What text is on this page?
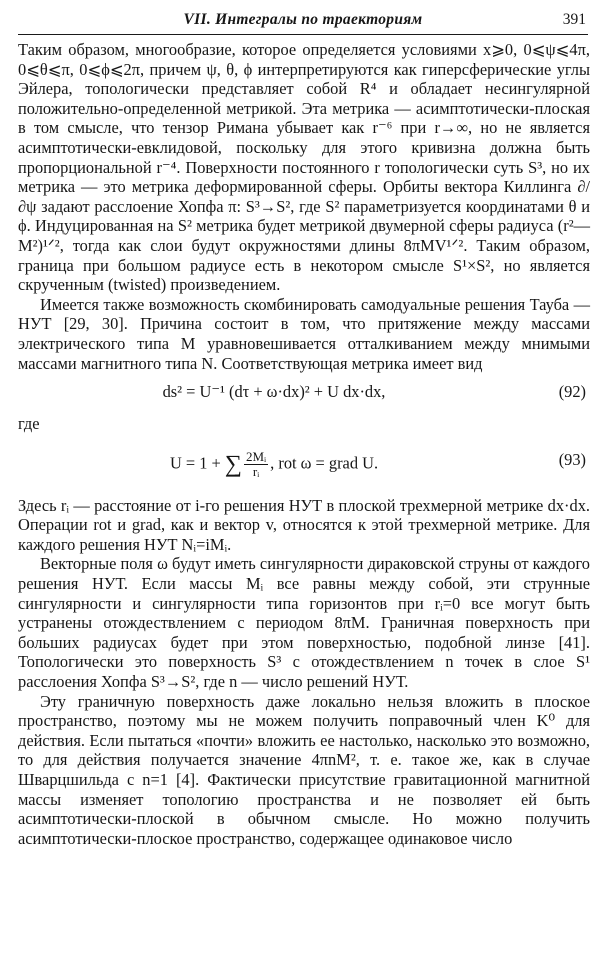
VII. Интегралы по траекториям	391

Таким образом, многообразие, которое определяется условиями x⩾0, 0⩽ψ⩽4π, 0⩽θ⩽π, 0⩽ϕ⩽2π, причем ψ, θ, ϕ интерпретируются как гиперсферические углы Эйлера, топологически представляет собой R⁴ и обладает несингулярной положительно-определенной метрикой. Эта метрика — асимптотически-плоская в том смысле, что тензор Римана убывает как r⁻⁶ при r→∞, но не является асимптотически-евклидовой, поскольку для этого кривизна должна быть пропорциональной r⁻⁴. Поверхности постоянного r топологически суть S³, но их метрика — это метрика деформированной сферы. Орбиты вектора Киллинга ∂/∂ψ задают расслоение Хопфа π: S³→S², где S² параметризуется координатами θ и ϕ. Индуцированная на S² метрика будет метрикой двумерной сферы радиуса (r²—M²)¹ᐟ², тогда как слои будут окружностями длины 8πMV¹ᐟ². Таким образом, граница при большом радиусе есть в некотором смысле S¹×S², но является скрученным (twisted) произведением.

Имеется также возможность скомбинировать самодуальные решения Тауба — НУТ [29, 30]. Причина состоит в том, что притяжение между массами электрического типа M уравновешивается отталкиванием между мнимыми массами магнитного типа N. Соответствующая метрика имеет вид

ds² = U⁻¹ (dτ + ω·dx)² + U dx·dx,	(92)

где

U = 1 + ∑ $\frac{\text{2Mᵢ}}{\text{rᵢ}}$ , rot ω = grad U.	(93)

Здесь rᵢ — расстояние от i-го решения НУТ в плоской трехмерной метрике dx·dx. Операции rot и grad, как и вектор v, относятся к этой трехмерной метрике. Для каждого решения НУТ Nᵢ=iMᵢ.

Векторные поля ω будут иметь сингулярности дираковской струны от каждого решения НУТ. Если массы Mᵢ все равны между собой, эти струнные сингулярности и сингулярности типа горизонтов при rᵢ=0 все могут быть устранены отождествлением с периодом 8πM. Граничная поверхность при больших радиусах будет при этом поверхностью, подобной линзе [41]. Топологически это поверхность S³ с отождествлением n точек в слое S¹ расслоения Хопфа S³→S², где n — число решений НУТ.

Эту граничную поверхность даже локально нельзя вложить в плоское пространство, поэтому мы не можем получить поправочный член K⁰ для действия. Если пытаться «почти» вложить ее настолько, насколько это возможно, то для действия получается значение 4πnM², т. е. такое же, как в случае Шварцшильда с n=1 [4]. Фактически присутствие гравитационной магнитной массы изменяет топологию пространства и не позволяет ей быть асимптотически-плоской в обычном смысле. Но можно получить асимптотически-плоское пространство, содержащее одинаковое число
